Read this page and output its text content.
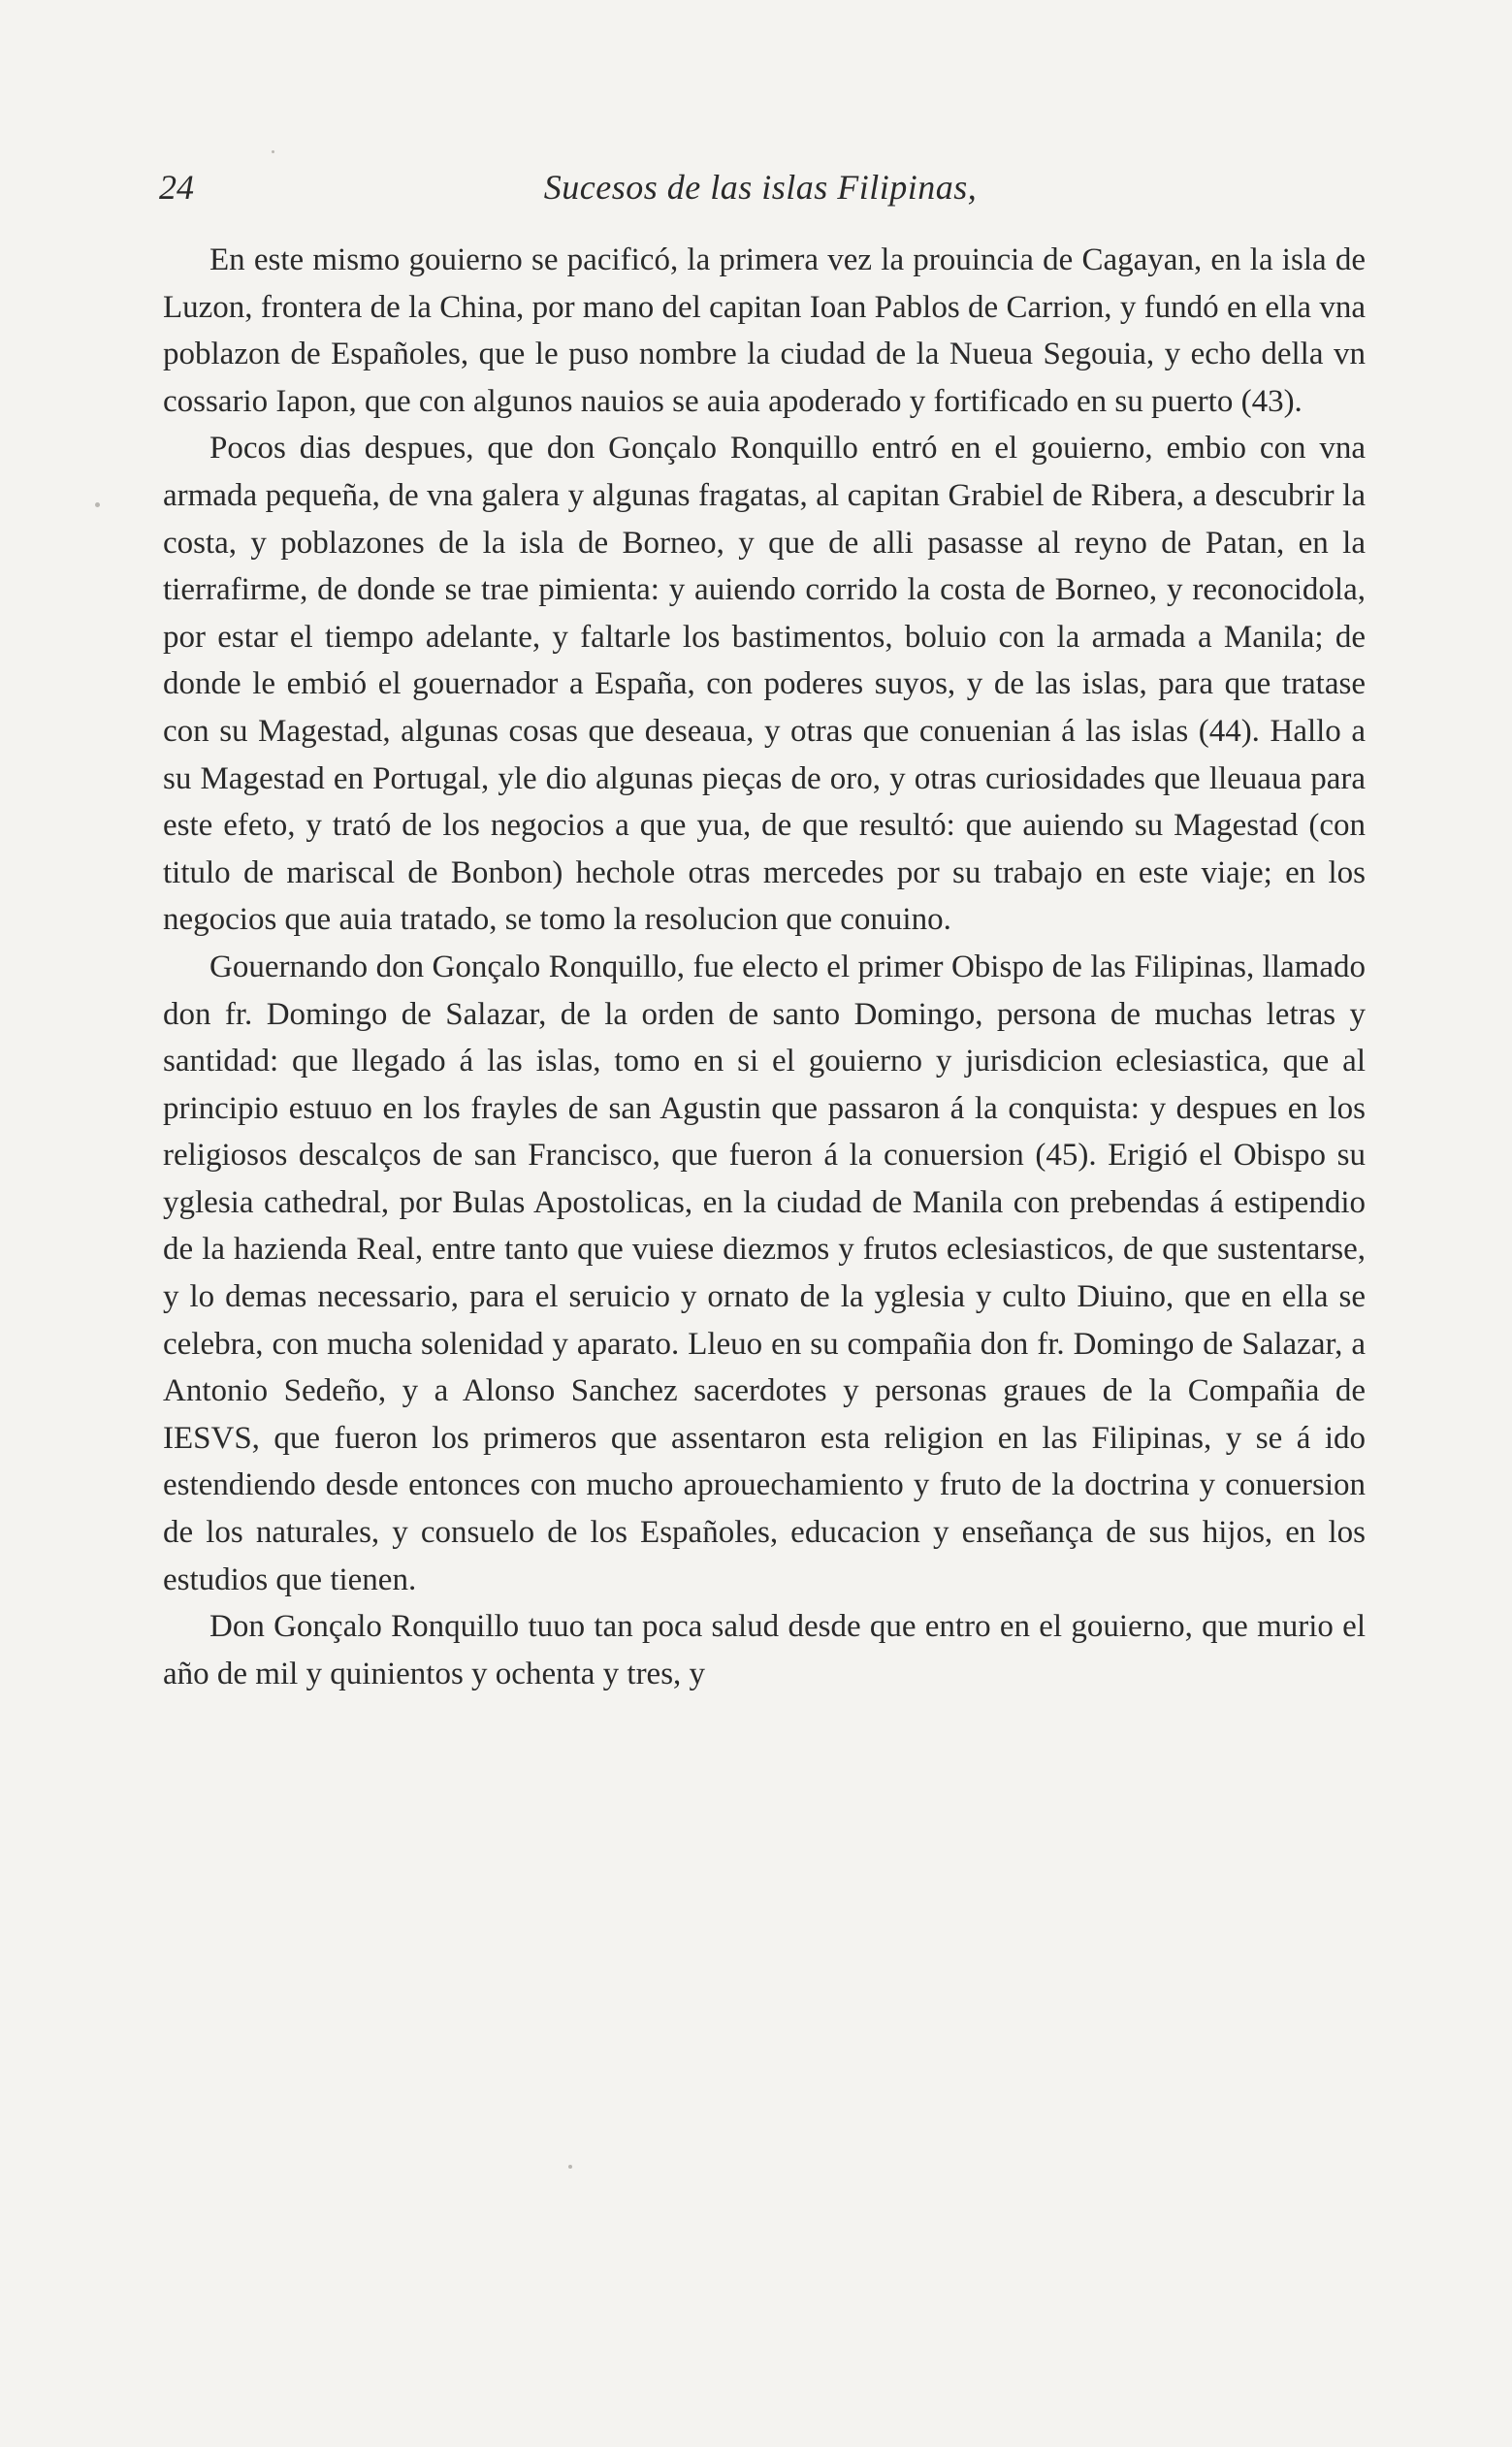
24	Sucesos de las islas Filipinas,

En este mismo gouierno se pacificó, la primera vez la prouincia de Cagayan, en la isla de Luzon, frontera de la China, por mano del capitan Ioan Pablos de Carrion, y fundó en ella vna poblazon de Españoles, que le puso nombre la ciudad de la Nueua Segouia, y echo della vn cossario Iapon, que con algunos nauios se auia apoderado y fortificado en su puerto (43).

Pocos dias despues, que don Gonçalo Ronquillo entró en el gouierno, embio con vna armada pequeña, de vna galera y algunas fragatas, al capitan Grabiel de Ribera, a descubrir la costa, y poblazones de la isla de Borneo, y que de alli pasasse al reyno de Patan, en la tierrafirme, de donde se trae pimienta: y auiendo corrido la costa de Borneo, y reconocidola, por estar el tiempo adelante, y faltarle los bastimentos, boluio con la armada a Manila; de donde le embió el gouernador a España, con poderes suyos, y de las islas, para que tratase con su Magestad, algunas cosas que deseaua, y otras que conuenian á las islas (44). Hallo a su Magestad en Portugal, yle dio algunas pieças de oro, y otras curiosidades que lleuaua para este efeto, y trató de los negocios a que yua, de que resultó: que auiendo su Magestad (con titulo de mariscal de Bonbon) hechole otras mercedes por su trabajo en este viaje; en los negocios que auia tratado, se tomo la resolucion que conuino.

Gouernando don Gonçalo Ronquillo, fue electo el primer Obispo de las Filipinas, llamado don fr. Domingo de Salazar, de la orden de santo Domingo, persona de muchas letras y santidad: que llegado á las islas, tomo en si el gouierno y jurisdicion eclesiastica, que al principio estuuo en los frayles de san Agustin que passaron á la conquista: y despues en los religiosos descalços de san Francisco, que fueron á la conuersion (45). Erigió el Obispo su yglesia cathedral, por Bulas Apostolicas, en la ciudad de Manila con prebendas á estipendio de la hazienda Real, entre tanto que vuiese diezmos y frutos eclesiasticos, de que sustentarse, y lo demas necessario, para el seruicio y ornato de la yglesia y culto Diuino, que en ella se celebra, con mucha solenidad y aparato. Lleuo en su compañia don fr. Domingo de Salazar, a Antonio Sedeño, y a Alonso Sanchez sacerdotes y personas graues de la Compañia de IESVS, que fueron los primeros que assentaron esta religion en las Filipinas, y se á ido estendiendo desde entonces con mucho aprouechamiento y fruto de la doctrina y conuersion de los naturales, y consuelo de los Españoles, educacion y enseñança de sus hijos, en los estudios que tienen.

Don Gonçalo Ronquillo tuuo tan poca salud desde que entro en el gouierno, que murio el año de mil y quinientos y ochenta y tres, y
